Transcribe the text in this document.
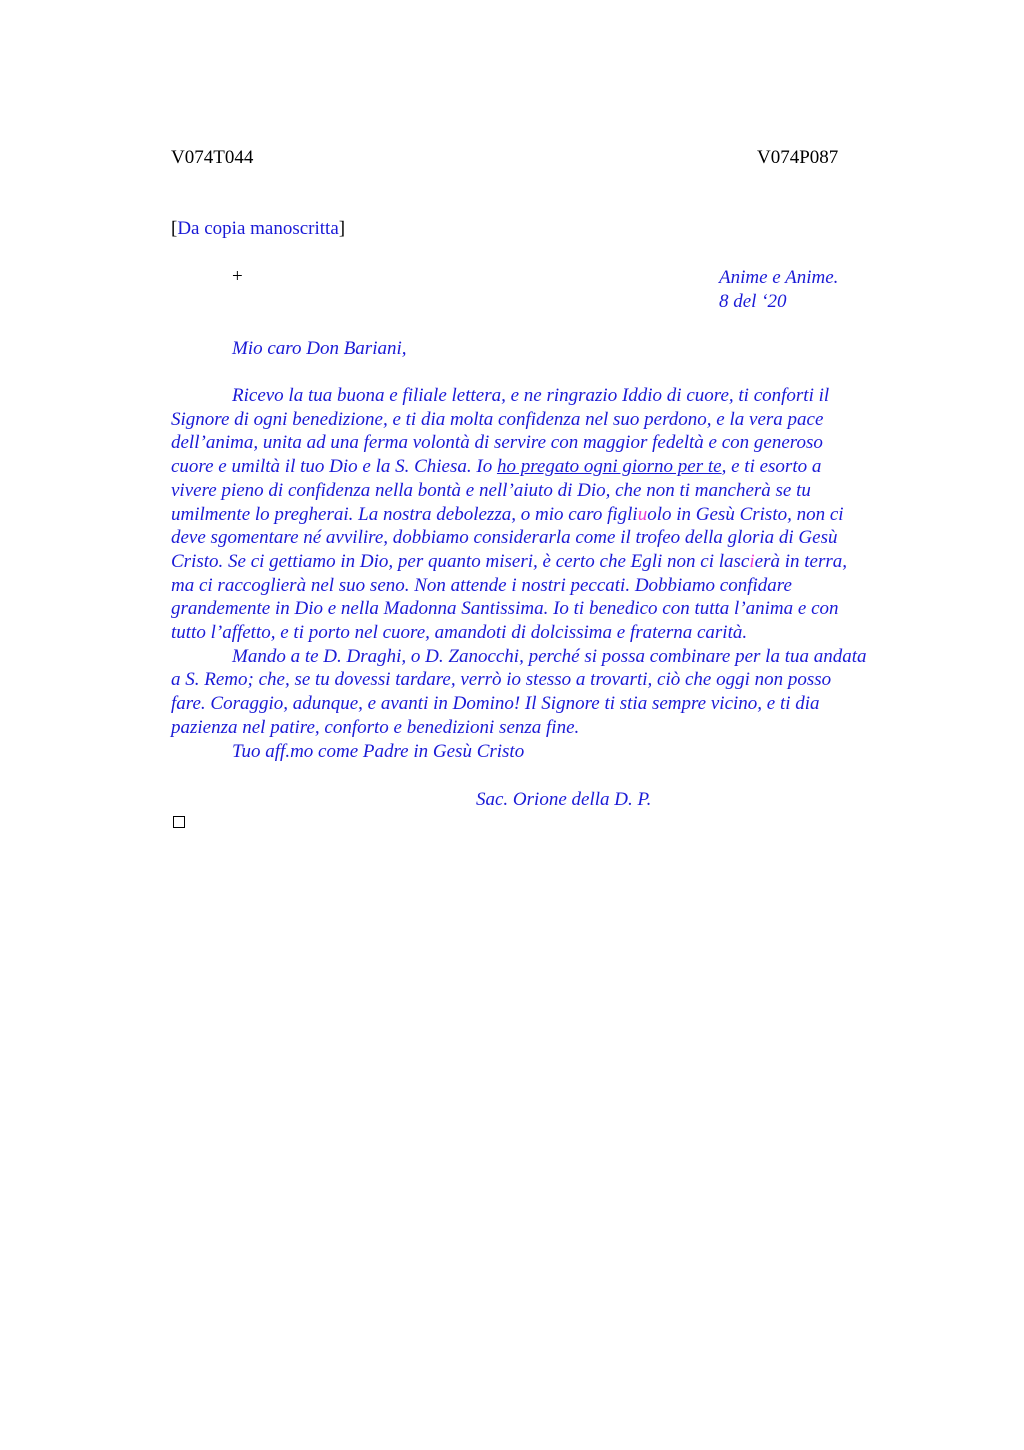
V074T044	V074P087
[Da copia manoscritta]
+	Anime e Anime.
8 del ‘20
Mio caro Don Bariani,
Ricevo la tua buona e filiale lettera, e ne ringrazio Iddio di cuore, ti conforti il
Signore di ogni benedizione, e ti dia molta confidenza nel suo perdono, e la vera pace
dell’anima, unita ad una ferma volontà di servire con maggior fedeltà e con generoso
cuore e umiltà il tuo Dio e la S. Chiesa. Io ho pregato ogni giorno per te, e ti esorto a
vivere pieno di confidenza nella bontà e nell’aiuto di Dio, che non ti mancherà se tu
umilmente lo pregherai. La nostra debolezza, o mio caro figliuolo in Gesù Cristo, non ci
deve sgomentare né avvilire, dobbiamo considerarla come il trofeo della gloria di Gesù
Cristo. Se ci gettiamo in Dio, per quanto miseri, è certo che Egli non ci lascierà in terra,
ma ci raccoglierà nel suo seno. Non attende i nostri peccati. Dobbiamo confidare
grandemente in Dio e nella Madonna Santissima. Io ti benedico con tutta l’anima e con
tutto l’affetto, e ti porto nel cuore, amandoti di dolcissima e fraterna carità.
Mando a te D. Draghi, o D. Zanocchi, perché si possa combinare per la tua andata
a S. Remo; che, se tu dovessi tardare, verrò io stesso a trovarti, ciò che oggi non posso
fare. Coraggio, adunque, e avanti in Domino! Il Signore ti stia sempre vicino, e ti dia
pazienza nel patire, conforto e benedizioni senza fine.
Tuo aff.mo come Padre in Gesù Cristo
Sac. Orione della D. P.
